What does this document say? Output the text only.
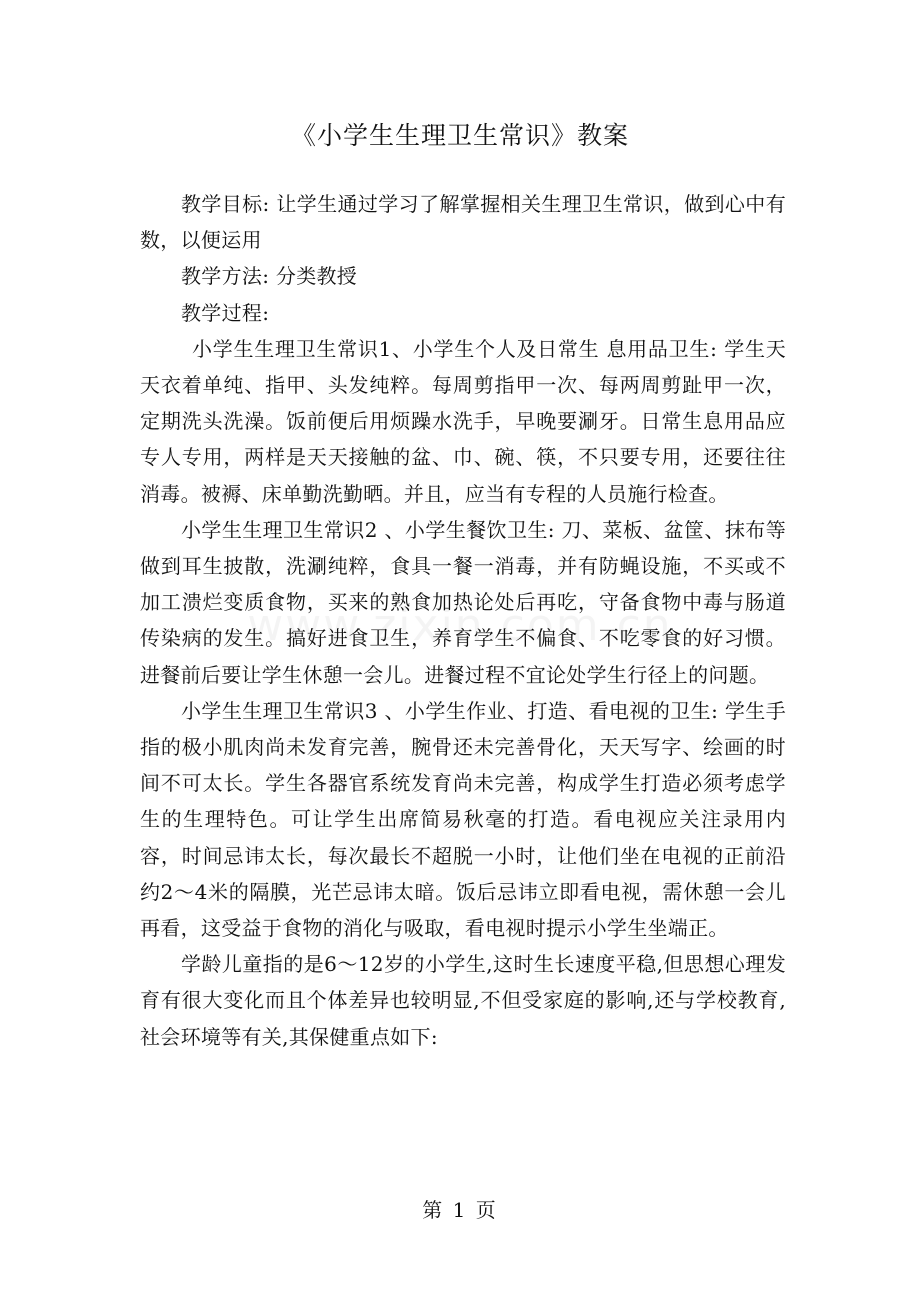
《小学生生理卫生常识》教案

教学目标: 让学生通过学习了解掌握相关生理卫生常识，做到心中有数，以便运用

教学方法: 分类教授

教学过程:

小学生生理卫生常识1、小学生个人及日常生 息用品卫生: 学生天天衣着单纯、指甲、头发纯粹。每周剪指甲一次、每两周剪趾甲一次，定期洗头洗澡。饭前便后用烦躁水洗手，早晚要涮牙。日常生息用品应专人专用，两样是天天接触的盆、巾、碗、筷，不只要专用，还要往往消毒。被褥、床单勤洗勤晒。并且，应当有专程的人员施行检查。

小学生生理卫生常识2 、小学生餐饮卫生: 刀、菜板、盆筐、抹布等做到耳生披散，洗涮纯粹，食具一餐一消毒，并有防蝇设施，不买或不加工溃烂变质食物，买来的熟食加热论处后再吃，守备食物中毒与肠道传染病的发生。搞好进食卫生，养育学生不偏食、不吃零食的好习惯。进餐前后要让学生休憩一会儿。进餐过程不宜论处学生行径上的问题。

小学生生理卫生常识3 、小学生作业、打造、看电视的卫生: 学生手指的极小肌肉尚未发育完善，腕骨还未完善骨化，天天写字、绘画的时间不可太长。学生各器官系统发育尚未完善，构成学生打造必须考虑学生的生理特色。可让学生出席简易秋毫的打造。看电视应关注录用内容，时间忌讳太长，每次最长不超脱一小时，让他们坐在电视的正前沿约2～4米的隔膜，光芒忌讳太暗。饭后忌讳立即看电视，需休憩一会儿再看，这受益于食物的消化与吸取，看电视时提示小学生坐端正。

学龄儿童指的是6～12岁的小学生,这时生长速度平稳,但思想心理发育有很大变化而且个体差异也较明显,不但受家庭的影响,还与学校教育,社会环境等有关,其保健重点如下:

第 1 页
